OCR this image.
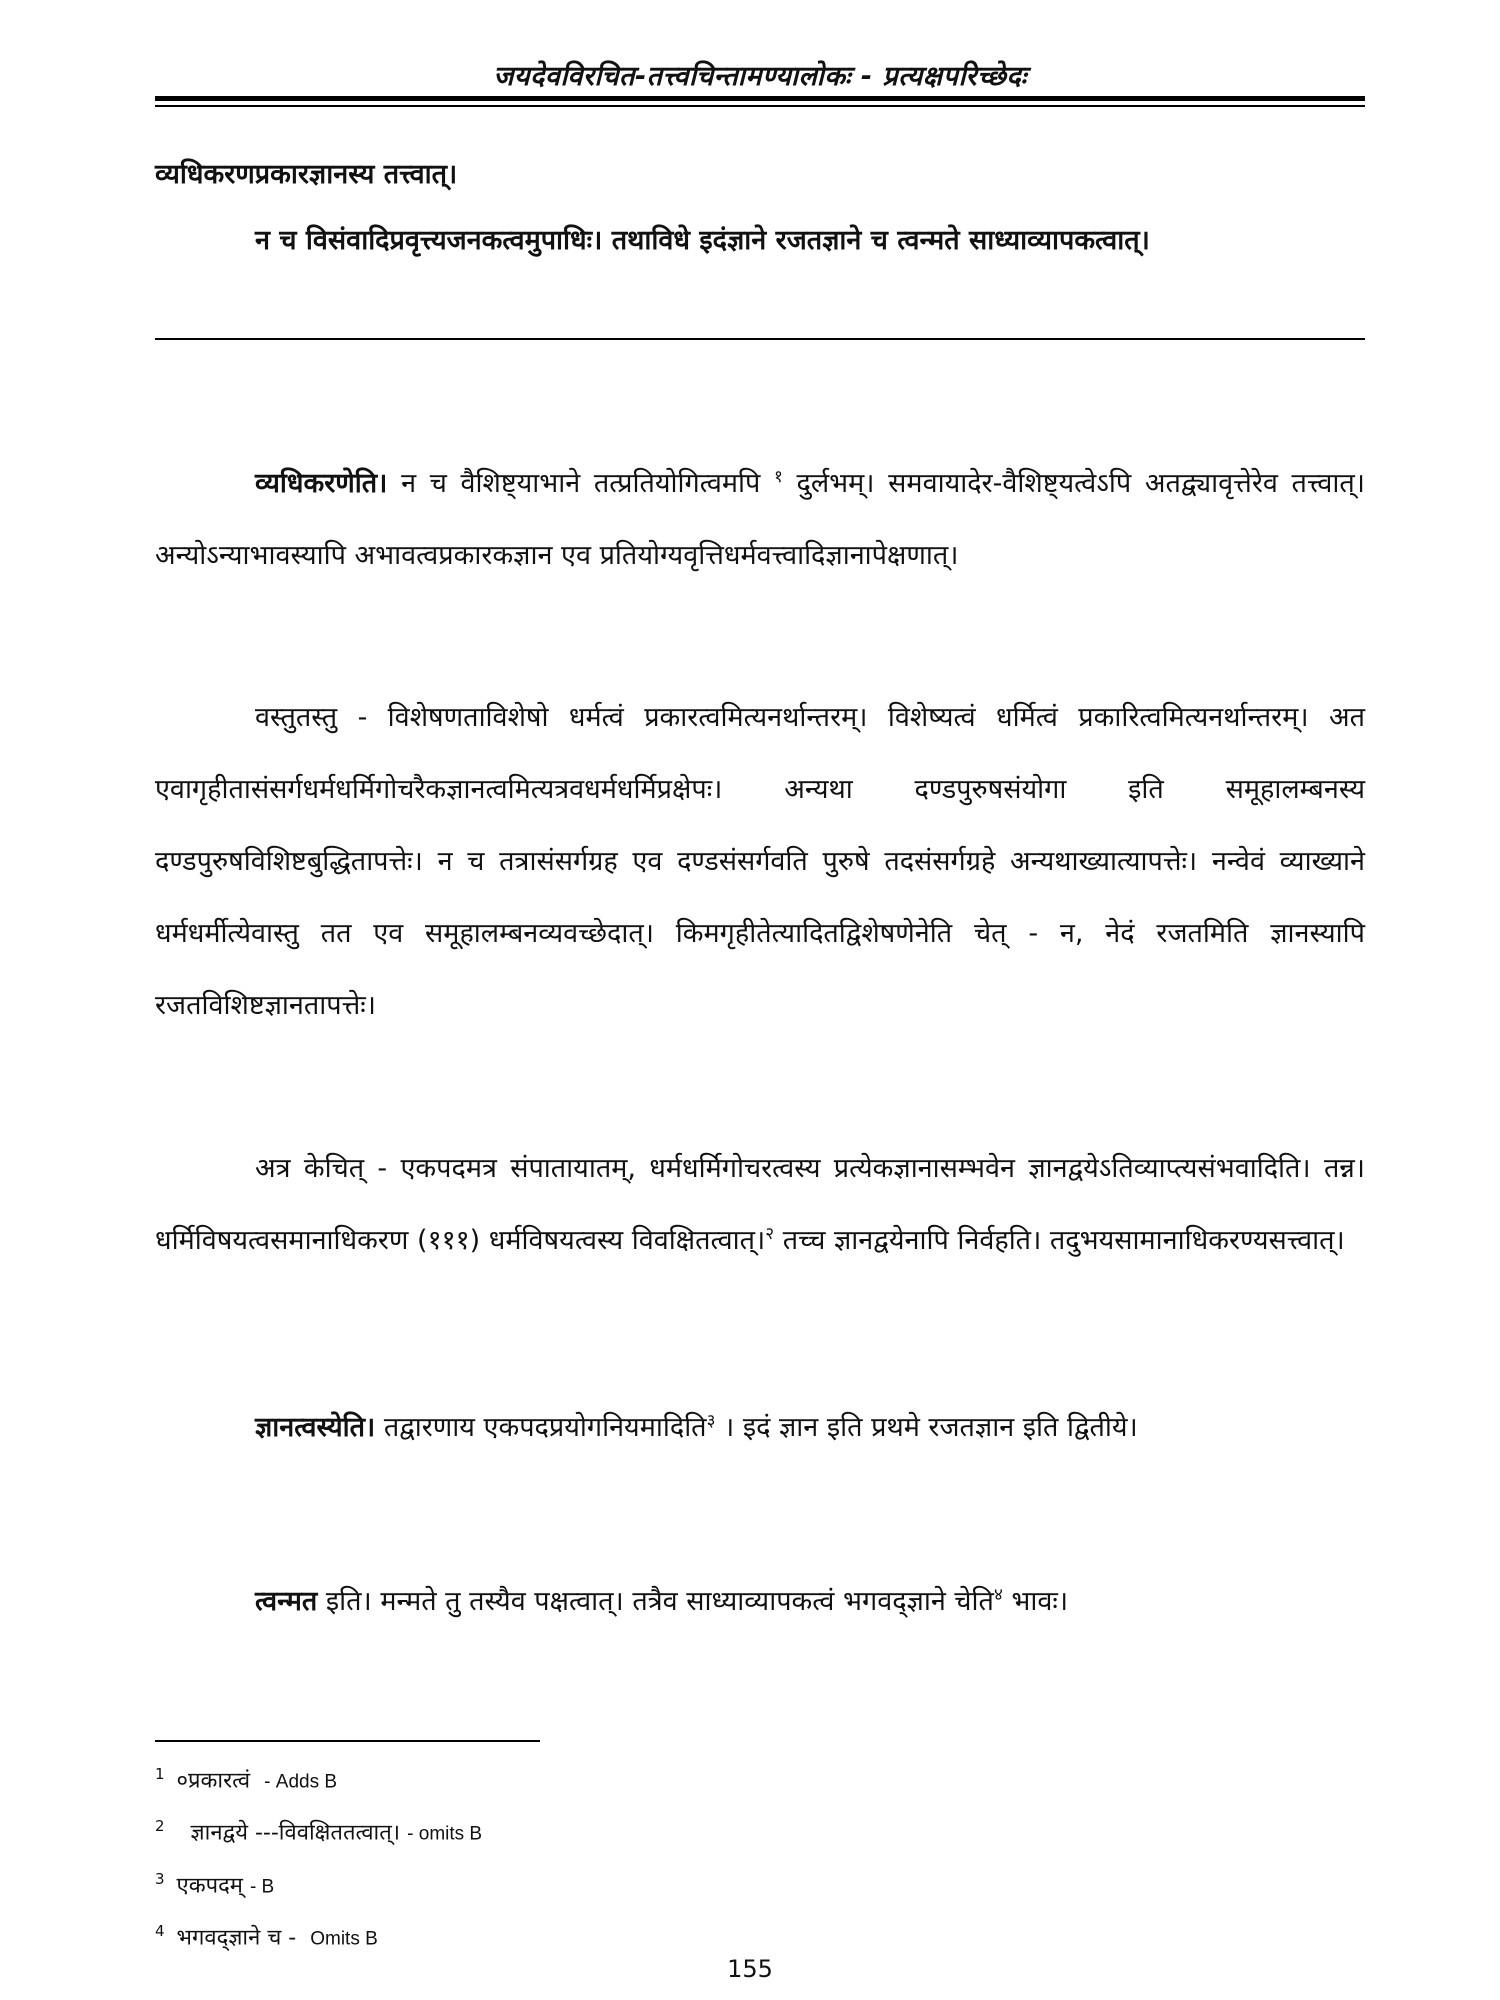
जयदेवविरचित-तत्त्वचिन्तामण्यालोकः - प्रत्यक्षपरिच्छेदः

व्यधिकरणप्रकारज्ञानस्य तत्त्वात्।

न च विसंवादिप्रवृत्त्यजनकत्वमुपाधिः। तथाविधे इदंज्ञाने रजतज्ञाने च त्वन्मते साध्याव्यापकत्वात्।

व्यधिकरणेति। न च वैशिष्ट्याभाने तत्प्रतियोगित्वमपि $^१$ दुर्लभम्। समवायादेर-वैशिष्ट्यत्वेऽपि अतद्व्यावृत्तेरेव तत्त्वात्। अन्योऽन्याभावस्यापि अभावत्वप्रकारकज्ञान एव प्रतियोग्यवृत्तिधर्मवत्त्वादिज्ञानापेक्षणात्।

वस्तुतस्तु - विशेषणताविशेषो धर्मत्वं प्रकारत्वमित्यनर्थान्तरम्। विशेष्यत्वं धर्मित्वं प्रकारित्वमित्यनर्थान्तरम्। अत एवागृहीतासंसर्गधर्मधर्मिगोचरैकज्ञानत्वमित्यत्रवधर्मधर्मिप्रक्षेपः। अन्यथा दण्डपुरुषसंयोगा इति समूहालम्बनस्य दण्डपुरुषविशिष्टबुद्धितापत्तेः। न च तत्रासंसर्गग्रह एव दण्डसंसर्गवति पुरुषे तदसंसर्गग्रहे अन्यथाख्यात्यापत्तेः। नन्वेवं व्याख्याने धर्मधर्मीत्येवास्तु तत एव समूहालम्बनव्यवच्छेदात्। किमगृहीतेत्यादितद्विशेषणेनेति चेत् - न, नेदं रजतमिति ज्ञानस्यापि रजतविशिष्टज्ञानतापत्तेः।

अत्र केचित् - एकपदमत्र संपातायातम्, धर्मधर्मिगोचरत्वस्य प्रत्येकज्ञानासम्भवेन ज्ञानद्वयेऽतिव्याप्त्यसंभवादिति। तन्न। धर्मिविषयत्वसमानाधिकरण (१११) धर्मविषयत्वस्य विवक्षितत्वात्।$^२$ तच्च ज्ञानद्वयेनापि निर्वहति। तदुभयसामानाधिकरण्यसत्त्वात्।

ज्ञानत्वस्येति। तद्वारणाय एकपदप्रयोगनियमादिति$^३$ । इदं ज्ञान इति प्रथमे रजतज्ञान इति द्वितीये।

त्वन्मत इति। मन्मते तु तस्यैव पक्षत्वात्। तत्रैव साध्याव्यापकत्वं भगवद्ज्ञाने चेति$^४$ भावः।

$^1$ ०प्रकारत्वं - Adds B
$^2$ ज्ञानद्वये ---विवक्षिततत्वात्। - omits B
$^3$ एकपदम् - B
$^4$ भगवद्ज्ञाने च - Omits B
155
